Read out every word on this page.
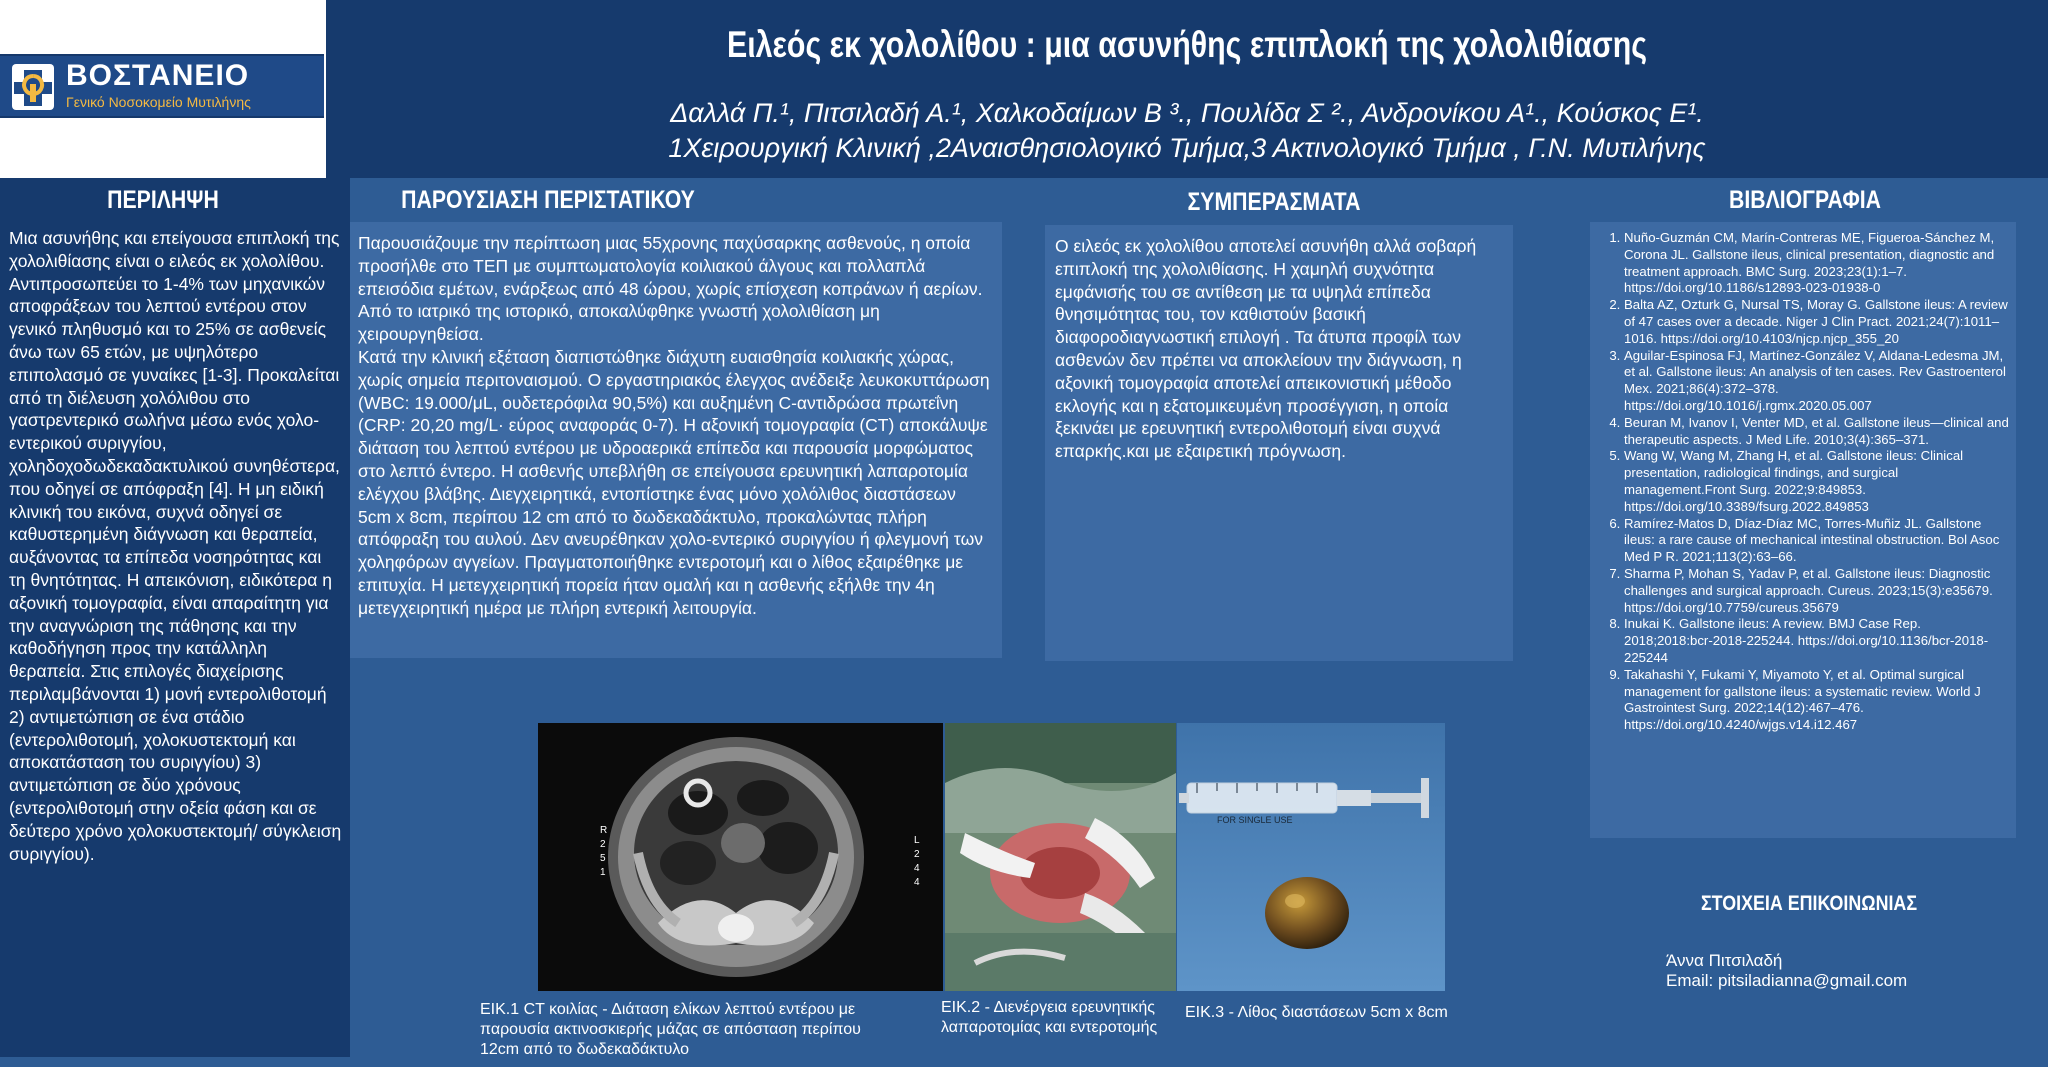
ΒΟΣΤΑΝΕΙΟ
Γενικό Νοσοκομείο Μυτιλήνης
Ειλεός εκ χολολίθου : μια ασυνήθης επιπλοκή της χολολιθίασης
Δαλλά Π.¹, Πιτσιλαδή Α.¹, Χαλκοδαίμων Β ³., Πουλίδα Σ ²., Ανδρονίκου Α¹., Κούσκος Ε¹.
1Χειρουργική Κλινική ,2Αναισθησιολογικό Τμήμα,3 Ακτινολογικό Τμήμα , Γ.Ν. Μυτιλήνης
ΠΕΡΙΛΗΨΗ
Μια ασυνήθης και επείγουσα επιπλοκή της χολολιθίασης είναι ο ειλεός εκ χολολίθου. Αντιπροσωπεύει το 1-4% των μηχανικών αποφράξεων του λεπτού εντέρου στον γενικό πληθυσμό και το 25% σε ασθενείς άνω των 65 ετών, με υψηλότερο επιπολασμό σε γυναίκες [1-3]. Προκαλείται από τη διέλευση χολόλιθου στο γαστρεντερικό σωλήνα μέσω ενός χολο-εντερικού συριγγίου, χοληδοχοδωδεκαδακτυλικού συνηθέστερα, που οδηγεί σε απόφραξη [4]. Η μη ειδική κλινική του εικόνα, συχνά οδηγεί σε καθυστερημένη διάγνωση και θεραπεία, αυξάνοντας τα επίπεδα νοσηρότητας και τη θνητότητας. Η απεικόνιση, ειδικότερα η αξονική τομογραφία, είναι απαραίτητη για την αναγνώριση της πάθησης και την καθοδήγηση προς την κατάλληλη θεραπεία. Στις επιλογές διαχείρισης περιλαμβάνονται 1) μονή εντερολιθοτομή 2) αντιμετώπιση σε ένα στάδιο (εντερολιθοτομή, χολοκυστεκτομή και αποκατάσταση του συριγγίου) 3) αντιμετώπιση σε δύο χρόνους (εντερολιθοτομή στην οξεία φάση και σε δεύτερο χρόνο χολοκυστεκτομή/ σύγκλειση συριγγίου).
ΠΑΡΟΥΣΙΑΣΗ ΠΕΡΙΣΤΑΤΙΚΟΥ
Παρουσιάζουμε την περίπτωση μιας 55χρονης παχύσαρκης ασθενούς, η οποία προσήλθε στο ΤΕΠ με συμπτωματολογία κοιλιακού άλγους και πολλαπλά επεισόδια εμέτων, ενάρξεως από 48 ώρου, χωρίς επίσχεση κοπράνων ή αερίων. Από το ιατρικό της ιστορικό, αποκαλύφθηκε γνωστή χολολιθίαση μη χειρουργηθείσα.
Κατά την κλινική εξέταση διαπιστώθηκε διάχυτη ευαισθησία κοιλιακής χώρας, χωρίς σημεία περιτοναισμού. Ο εργαστηριακός έλεγχος ανέδειξε λευκοκυττάρωση (WBC: 19.000/μL, ουδετερόφιλα 90,5%) και αυξημένη C-αντιδρώσα πρωτεΐνη (CRP: 20,20 mg/L· εύρος αναφοράς 0-7). Η αξονική τομογραφία (CT) αποκάλυψε διάταση του λεπτού εντέρου με υδροαερικά επίπεδα και παρουσία μορφώματος στο λεπτό έντερο. Η ασθενής υπεβλήθη σε επείγουσα ερευνητική λαπαροτομία ελέγχου βλάβης. Διεγχειρητικά, εντοπίστηκε ένας μόνο χολόλιθος διαστάσεων 5cm x 8cm, περίπου 12 cm από το δωδεκαδάκτυλο, προκαλώντας πλήρη απόφραξη του αυλού. Δεν ανευρέθηκαν χολο-εντερικό συριγγίου ή φλεγμονή των χοληφόρων αγγείων. Πραγματοποιήθηκε εντεροτομή και ο λίθος εξαιρέθηκε με επιτυχία. Η μετεγχειρητική πορεία ήταν ομαλή και η ασθενής εξήλθε την 4η μετεγχειρητική ημέρα με πλήρη εντερική λειτουργία.
ΣΥΜΠΕΡΑΣΜΑΤΑ
Ο ειλεός εκ χολολίθου αποτελεί ασυνήθη αλλά σοβαρή επιπλοκή της χολολιθίασης. Η χαμηλή συχνότητα εμφάνισής του σε αντίθεση με τα υψηλά επίπεδα θνησιμότητας του, τον καθιστούν βασική διαφοροδιαγνωστική επιλογή . Τα άτυπα προφίλ των ασθενών δεν πρέπει να αποκλείουν την διάγνωση, η αξονική τομογραφία αποτελεί απεικονιστική μέθοδο εκλογής και η εξατομικευμένη προσέγγιση, η οποία ξεκινάει με ερευνητική εντερολιθοτομή είναι συχνά επαρκής.και με εξαιρετική πρόγνωση.
ΒΙΒΛΙΟΓΡΑΦΙΑ
1. Nuño-Guzmán CM, Marín-Contreras ME, Figueroa-Sánchez M, Corona JL. Gallstone ileus, clinical presentation, diagnostic and treatment approach. BMC Surg. 2023;23(1):1–7. https://doi.org/10.1186/s12893-023-01938-0
2. Balta AZ, Ozturk G, Nursal TS, Moray G. Gallstone ileus: A review of 47 cases over a decade. Niger J Clin Pract. 2021;24(7):1011–1016. https://doi.org/10.4103/njcp.njcp_355_20
3. Aguilar-Espinosa FJ, Martínez-González V, Aldana-Ledesma JM, et al. Gallstone ileus: An analysis of ten cases. Rev Gastroenterol Mex. 2021;86(4):372–378. https://doi.org/10.1016/j.rgmx.2020.05.007
4. Beuran M, Ivanov I, Venter MD, et al. Gallstone ileus—clinical and therapeutic aspects. J Med Life. 2010;3(4):365–371.
5. Wang W, Wang M, Zhang H, et al. Gallstone ileus: Clinical presentation, radiological findings, and surgical management.Front Surg. 2022;9:849853. https://doi.org/10.3389/fsurg.2022.849853
6. Ramírez-Matos D, Díaz-Díaz MC, Torres-Muñiz JL. Gallstone ileus: a rare cause of mechanical intestinal obstruction. Bol Asoc Med P R. 2021;113(2):63–66.
7. Sharma P, Mohan S, Yadav P, et al. Gallstone ileus: Diagnostic challenges and surgical approach. Cureus. 2023;15(3):e35679. https://doi.org/10.7759/cureus.35679
8. Inukai K. Gallstone ileus: A review. BMJ Case Rep. 2018;2018:bcr-2018-225244. https://doi.org/10.1136/bcr-2018-225244
9. Takahashi Y, Fukami Y, Miyamoto Y, et al. Optimal surgical management for gallstone ileus: a systematic review. World J Gastrointest Surg. 2022;14(12):467–476. https://doi.org/10.4240/wjgs.v14.i12.467
ΣΤΟΙΧΕΙΑ ΕΠΙΚΟΙΝΩΝΙΑΣ
Άννα Πιτσιλαδή
Email: pitsiladianna@gmail.com
R
2
5
1
L
2
4
4
FOR SINGLE USE
ΕΙΚ.1 CT κοιλίας - Διάταση ελίκων λεπτού εντέρου με παρουσία ακτινοσκιερής μάζας σε απόσταση περίπου 12cm από το δωδεκαδάκτυλο
ΕΙΚ.2 - Διενέργεια ερευνητικής λαπαροτομίας και εντεροτομής
ΕΙΚ.3 - Λίθος διαστάσεων 5cm x 8cm
